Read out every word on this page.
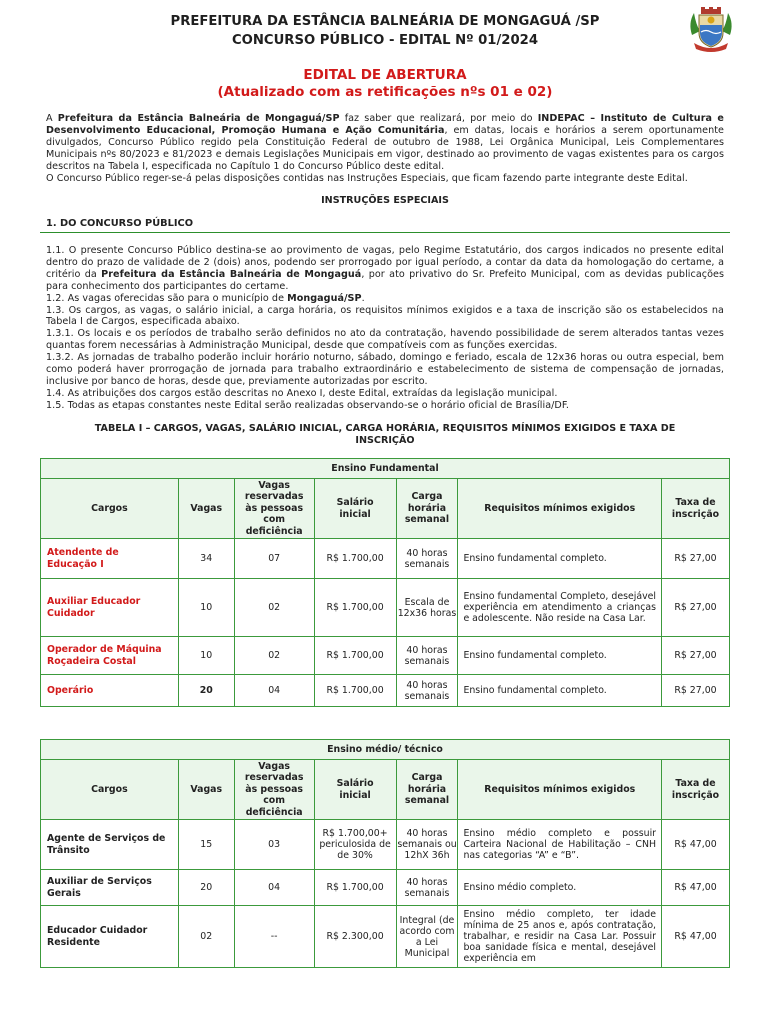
PREFEITURA DA ESTÂNCIA BALNEÁRIA DE MONGAGUÁ /SP
CONCURSO PÚBLICO - EDITAL Nº 01/2024
EDITAL DE ABERTURA
(Atualizado com as retificações nºs 01 e 02)
A Prefeitura da Estância Balneária de Mongaguá/SP faz saber que realizará, por meio do INDEPAC – Instituto de Cultura e Desenvolvimento Educacional, Promoção Humana e Ação Comunitária, em datas, locais e horários a serem oportunamente divulgados, Concurso Público regido pela Constituição Federal de outubro de 1988, Lei Orgânica Municipal, Leis Complementares Municipais nºs 80/2023 e 81/2023 e demais Legislações Municipais em vigor, destinado ao provimento de vagas existentes para os cargos descritos na Tabela I, especificada no Capítulo 1 do Concurso Público deste edital.
O Concurso Público reger-se-á pelas disposições contidas nas Instruções Especiais, que ficam fazendo parte integrante deste Edital.
INSTRUÇÕES ESPECIAIS
1. DO CONCURSO PÚBLICO
1.1. O presente Concurso Público destina-se ao provimento de vagas, pelo Regime Estatutário, dos cargos indicados no presente edital dentro do prazo de validade de 2 (dois) anos, podendo ser prorrogado por igual período, a contar da data da homologação do certame, a critério da Prefeitura da Estância Balneária de Mongaguá, por ato privativo do Sr. Prefeito Municipal, com as devidas publicações para conhecimento dos participantes do certame.
1.2. As vagas oferecidas são para o município de Mongaguá/SP.
1.3. Os cargos, as vagas, o salário inicial, a carga horária, os requisitos mínimos exigidos e a taxa de inscrição são os estabelecidos na Tabela I de Cargos, especificada abaixo.
1.3.1. Os locais e os períodos de trabalho serão definidos no ato da contratação, havendo possibilidade de serem alterados tantas vezes quantas forem necessárias à Administração Municipal, desde que compatíveis com as funções exercidas.
1.3.2. As jornadas de trabalho poderão incluir horário noturno, sábado, domingo e feriado, escala de 12x36 horas ou outra especial, bem como poderá haver prorrogação de jornada para trabalho extraordinário e estabelecimento de sistema de compensação de jornadas, inclusive por banco de horas, desde que, previamente autorizadas por escrito.
1.4. As atribuições dos cargos estão descritas no Anexo I, deste Edital, extraídas da legislação municipal.
1.5. Todas as etapas constantes neste Edital serão realizadas observando-se o horário oficial de Brasília/DF.
TABELA I – CARGOS, VAGAS, SALÁRIO INICIAL, CARGA HORÁRIA, REQUISITOS MÍNIMOS EXIGIDOS E TAXA DE
INSCRIÇÃO
Ensino Fundamental						
Cargos	Vagas	Vagas
reservadas
às pessoas
com
deficiência	Salário
inicial	Carga
horária
semanal	Requisitos mínimos exigidos	Taxa de
inscrição
Atendente de Educação I	34	07	R$ 1.700,00	40 horas semanais	Ensino fundamental completo.	R$ 27,00
Auxiliar Educador Cuidador	10	02	R$ 1.700,00	Escala de 12x36 horas	Ensino fundamental Completo, desejável experiência em atendimento a crianças e adolescente. Não reside na Casa Lar.	R$ 27,00
Operador de Máquina Roçadeira Costal	10	02	R$ 1.700,00	40 horas semanais	Ensino fundamental completo.	R$ 27,00
Operário	20	04	R$ 1.700,00	40 horas semanais	Ensino fundamental completo.	R$ 27,00
Ensino médio/ técnico						
Cargos	Vagas	Vagas
reservadas
às pessoas
com
deficiência	Salário
inicial	Carga
horária
semanal	Requisitos mínimos exigidos	Taxa de
inscrição
Agente de Serviços de Trânsito	15	03	R$ 1.700,00+ periculosida de de 30%	40 horas semanais ou 12hX 36h	Ensino médio completo e possuir Carteira Nacional de Habilitação – CNH nas categorias “A” e “B”.	R$ 47,00
Auxiliar de Serviços Gerais	20	04	R$ 1.700,00	40 horas semanais	Ensino médio completo.	R$ 47,00
Educador Cuidador Residente	02	--	R$ 2.300,00	Integral (de acordo com a Lei Municipal	Ensino médio completo, ter idade mínima de 25 anos e, após contratação, trabalhar, e residir na Casa Lar. Possuir boa sanidade física e mental, desejável experiência em	R$ 47,00
